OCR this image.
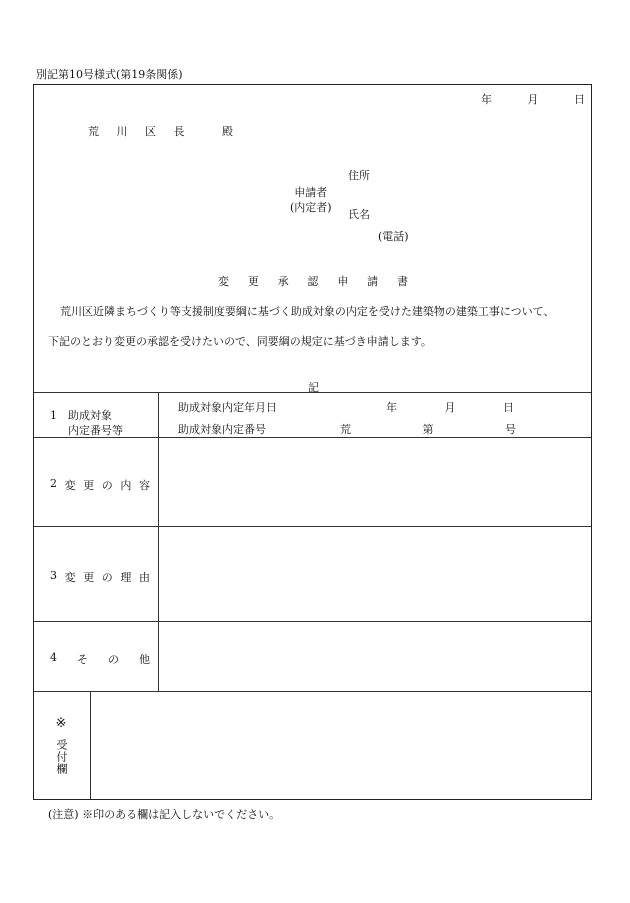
別記第10号様式(第19条関係)
年	月	日
荒 川 区 長	殿
住所
申請者
(内定者)
氏名
(電話)
変 更 承 認 申 請 書
荒川区近隣まちづくり等支援制度要綱に基づく助成対象の内定を受けた建築物の建築工事について、
下記のとおり変更の承認を受けたいので、同要綱の規定に基づき申請します。
記
1　助成対象
内定番号等
助成対象内定年月日	年	月	日
助成対象内定番号	荒	第	号
2 変 更 の 内 容
3 変 更 の 理 由
4 そ の 他
※
受付欄
(注意) ※印のある欄は記入しないでください。
